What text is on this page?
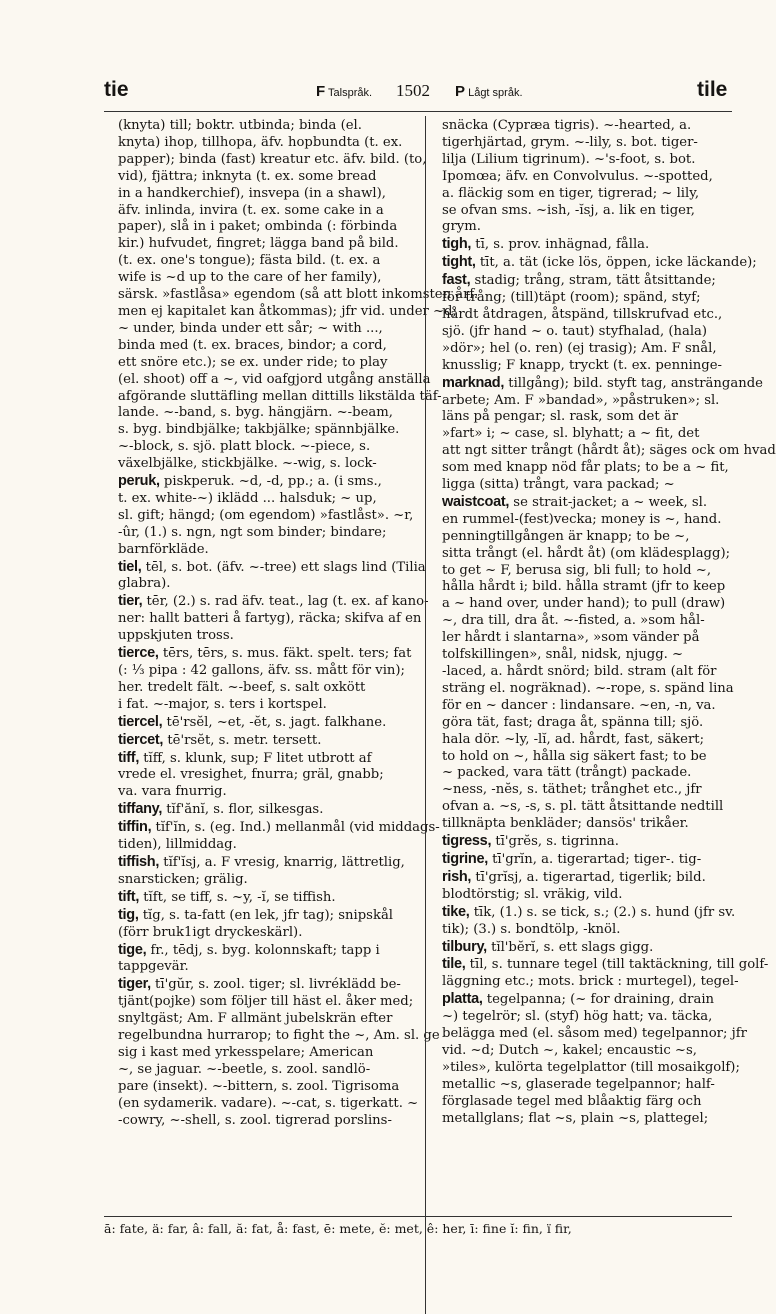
tie	F Talspråk. 1502 P Lågt språk.	tile
(knyta) till; boktr. utbinda; binda (el.
knyta) ihop, tillhopa, äfv. hopbundta (t. ex.
papper); binda (fast) kreatur etc. äfv. bild. (to,
vid), fjättra; inknyta (t. ex. some bread
in a handkerchief), insvepa (in a shawl),
äfv. inlinda, invira (t. ex. some cake in a
paper), slå in i paket; ombinda (: förbinda
kir.) hufvudet, fingret; lägga band på bild.
(t. ex. one's tongue); fästa bild. (t. ex. a
wife is ~d up to the care of her family),
särsk. »fastlåsa» egendom (så att blott inkomsten årf.
men ej kapitalet kan åtkommas); jfr vid. under ~d;
~ under, binda under ett sår; ~ with ...,
binda med (t. ex. braces, bindor; a cord,
ett snöre etc.); se ex. under ride; to play
(el. shoot) off a ~, vid oafgjord utgång anställa
afgörande sluttäfling mellan dittills likstälda täf-
lande. ~-band, s. byg. hängjärn. ~-beam,
s. byg. bindbjälke; takbjälke; spännbjälke.
~-block, s. sjö. platt block. ~-piece, s.
växelbjälke, stickbjälke. ~-wig, s. lock-
peruk, piskperuk. ~d, -d, pp.; a. (i sms.,
t. ex. white-~) iklädd ... halsduk; ~ up,
sl. gift; hängd; (om egendom) »fastlåst». ~r,
-ûr, (1.) s. ngn, ngt som binder; bindare;
barnförkläde.
tiel, tēl, s. bot. (äfv. ~-tree) ett slags lind (Tilia
glabra).
tier, tēr, (2.) s. rad äfv. teat., lag (t. ex. af kano-
ner: hallt batteri å fartyg), räcka; skifva af en
uppskjuten tross.
tierce, tērs, tērs, s. mus. fäkt. spelt. ters; fat
(: ⅓ pipa : 42 gallons, äfv. ss. mått för vin);
her. tredelt fält. ~-beef, s. salt oxkött
i fat. ~-major, s. ters i kortspel.
tiercel, tē'rsĕl, ~et, -ĕt, s. jagt. falkhane.
tiercet, tē'rsĕt, s. metr. tersett.
tiff, tĭff, s. klunk, sup; F litet utbrott af
vrede el. vresighet, fnurra; gräl, gnabb;
va. vara fnurrig.
tiffany, tĭf'ănĭ, s. flor, silkesgas.
tiffin, tĭf'ĭn, s. (eg. Ind.) mellanmål (vid middags-
tiden), lillmiddag.
tiffish, tĭf'ĭsj, a. F vresig, knarrig, lättretlig,
snarsticken; grälig.
tift, tĭft, se tiff, s. ~y, -ĭ, se tiffish.
tig, tĭg, s. ta-fatt (en lek, jfr tag); snipskål
(förr bruk1igt dryckeskärl).
tige, fr., tēdj, s. byg. kolonnskaft; tapp i
tappgevär.
tiger, tī'gŭr, s. zool. tiger; sl. livréklädd be-
tjänt(pojke) som följer till häst el. åker med;
snyltgäst; Am. F allmänt jubelskrän efter
regelbundna hurrarop; to fight the ~, Am. sl. ge
sig i kast med yrkesspelare; American
~, se jaguar. ~-beetle, s. zool. sandlö-
pare (insekt). ~-bittern, s. zool. Tigrisoma
(en sydamerik. vadare). ~-cat, s. tigerkatt. ~
-cowry, ~-shell, s. zool. tigrerad porslins-
snäcka (Cypræa tigris). ~-hearted, a.
tigerhjärtad, grym. ~-lily, s. bot. tiger-
lilja (Lilium tigrinum). ~'s-foot, s. bot.
Ipomœa; äfv. en Convolvulus. ~-spotted,
a. fläckig som en tiger, tigrerad; ~ lily,
se ofvan sms. ~ish, -ĭsj, a. lik en tiger,
grym.
tigh, tī, s. prov. inhägnad, fålla.
tight, tīt, a. tät (icke lös, öppen, icke läckande);
fast, stadig; trång, stram, tätt åtsittande;
för trång; (till)täpt (room); spänd, styf;
hårdt åtdragen, åtspänd, tillskrufvad etc.,
sjö. (jfr hand ~ o. taut) styfhalad, (hala)
»dör»; hel (o. ren) (ej trasig); Am. F snål,
knusslig; F knapp, tryckt (t. ex. penninge-
marknad, tillgång); bild. styft tag, ansträngande
arbete; Am. F »bandad», »påstruken»; sl.
läns på pengar; sl. rask, som det är
»fart» i; ~ case, sl. blyhatt; a ~ fit, det
att ngt sitter trångt (hårdt åt); säges ock om hvad
som med knapp nöd får plats; to be a ~ fit,
ligga (sitta) trångt, vara packad; ~
waistcoat, se strait-jacket; a ~ week, sl.
en rummel-(fest)vecka; money is ~, hand.
penningtillgången är knapp; to be ~,
sitta trångt (el. hårdt åt) (om klädesplagg);
to get ~ F, berusa sig, bli full; to hold ~,
hålla hårdt i; bild. hålla stramt (jfr to keep
a ~ hand over, under hand); to pull (draw)
~, dra till, dra åt. ~-fisted, a. »som hål-
ler hårdt i slantarna», »som vänder på
tolfskillingen», snål, nidsk, njugg. ~
-laced, a. hårdt snörd; bild. stram (alt för
sträng el. nogräknad). ~-rope, s. spänd lina
för en ~ dancer : lindansare. ~en, -n, va.
göra tät, fast; draga åt, spänna till; sjö.
hala dör. ~ly, -lĭ, ad. hårdt, fast, säkert;
to hold on ~, hålla sig säkert fast; to be
~ packed, vara tätt (trångt) packade.
~ness, -nĕs, s. täthet; trånghet etc., jfr
ofvan a. ~s, -s, s. pl. tätt åtsittande nedtill
tillknäpta benkläder; dansös' trikåer.
tigress, tī'grĕs, s. tigrinna.
tigrine, tī'grĭn, a. tigerartad; tiger-. tig-
rish, tī'grĭsj, a. tigerartad, tigerlik; bild.
blodtörstig; sl. vräkig, vild.
tike, tīk, (1.) s. se tick, s.; (2.) s. hund (jfr sv.
tik); (3.) s. bondtölp, -knöl.
tilbury, tĭl'bĕrĭ, s. ett slags gigg.
tile, tīl, s. tunnare tegel (till taktäckning, till golf-
läggning etc.; mots. brick : murtegel), tegel-
platta, tegelpanna; (~ for draining, drain
~) tegelrör; sl. (styf) hög hatt; va. täcka,
belägga med (el. såsom med) tegelpannor; jfr
vid. ~d; Dutch ~, kakel; encaustic ~s,
»tiles», kulörta tegelplattor (till mosaikgolf);
metallic ~s, glaserade tegelpannor; half-
förglasade tegel med blåaktig färg och
metallglans; flat ~s, plain ~s, plattegel;
ā: fate, ä: far, â: fall, ă: fat, å: fast, ē: mete, ĕ: met, ê: her, ī: fine ĭ: fin, ï fir,
